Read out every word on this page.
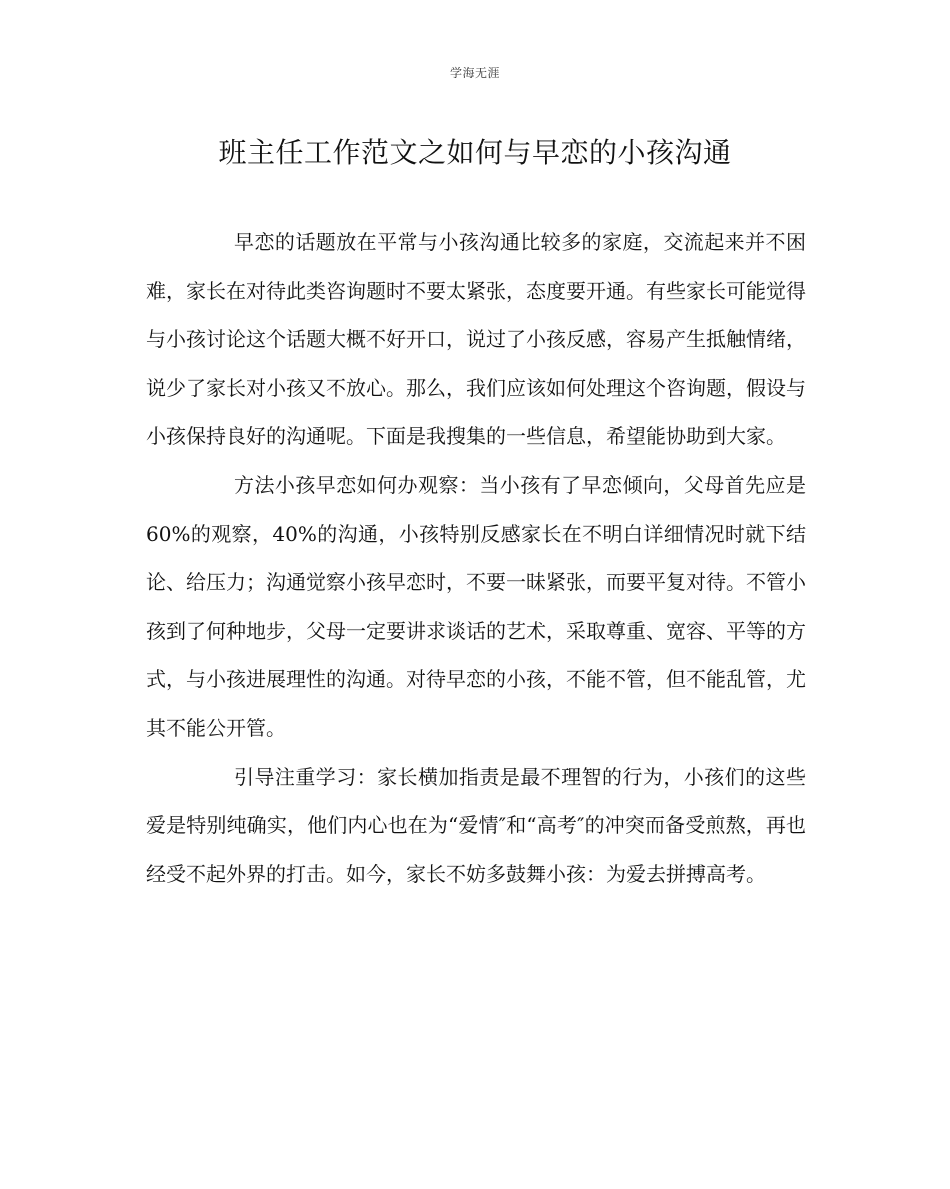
学海无涯
班主任工作范文之如何与早恋的小孩沟通

早恋的话题放在平常与小孩沟通比较多的家庭，交流起来并不困难，家长在对待此类咨询题时不要太紧张，态度要开通。有些家长可能觉得与小孩讨论这个话题大概不好开口，说过了小孩反感，容易产生抵触情绪，说少了家长对小孩又不放心。那么，我们应该如何处理这个咨询题，假设与小孩保持良好的沟通呢。下面是我搜集的一些信息，希望能协助到大家。

方法小孩早恋如何办观察：当小孩有了早恋倾向，父母首先应是60%的观察，40%的沟通，小孩特别反感家长在不明白详细情况时就下结论、给压力；沟通觉察小孩早恋时，不要一昧紧张，而要平复对待。不管小孩到了何种地步，父母一定要讲求谈话的艺术，采取尊重、宽容、平等的方式，与小孩进展理性的沟通。对待早恋的小孩，不能不管，但不能乱管，尤其不能公开管。

引导注重学习：家长横加指责是最不理智的行为，小孩们的这些爱是特别纯确实，他们内心也在为“爱情″和“高考″的冲突而备受煎熬，再也经受不起外界的打击。如今，家长不妨多鼓舞小孩：为爱去拼搏高考。
